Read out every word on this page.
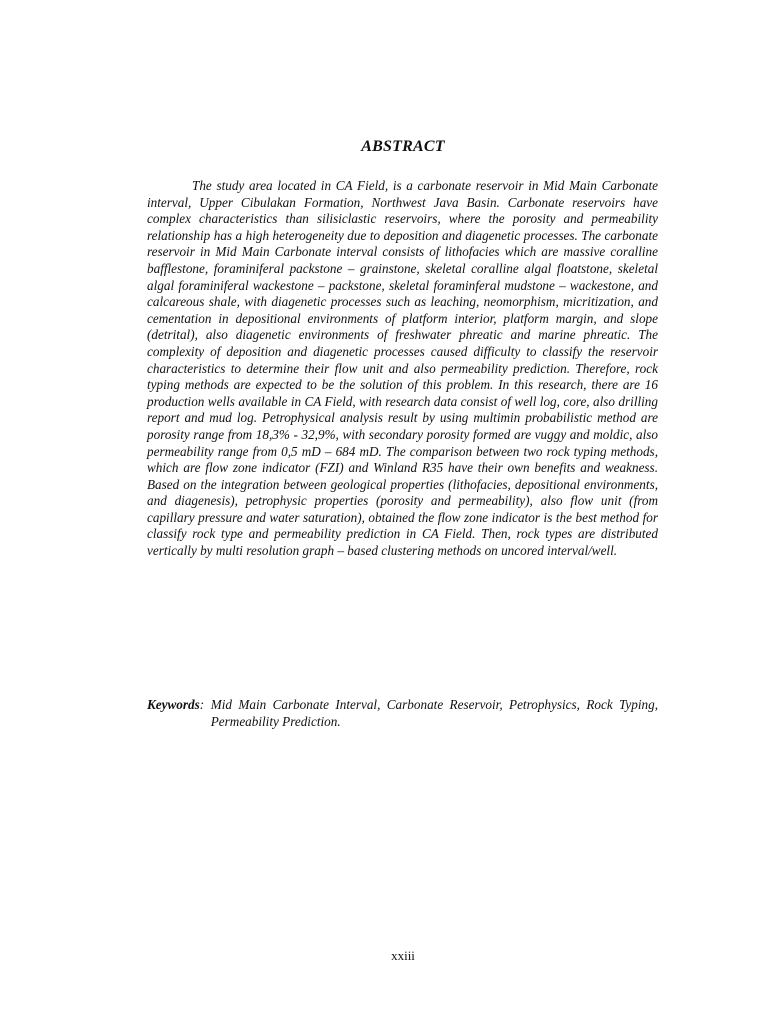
ABSTRACT

The study area located in CA Field, is a carbonate reservoir in Mid Main Carbonate interval, Upper Cibulakan Formation, Northwest Java Basin. Carbonate reservoirs have complex characteristics than silisiclastic reservoirs, where the porosity and permeability relationship has a high heterogeneity due to deposition and diagenetic processes. The carbonate reservoir in Mid Main Carbonate interval consists of lithofacies which are massive coralline bafflestone, foraminiferal packstone – grainstone, skeletal coralline algal floatstone, skeletal algal foraminiferal wackestone – packstone, skeletal foraminferal mudstone – wackestone, and calcareous shale, with diagenetic processes such as leaching, neomorphism, micritization, and cementation in depositional environments of platform interior, platform margin, and slope (detrital), also diagenetic environments of freshwater phreatic and marine phreatic. The complexity of deposition and diagenetic processes caused difficulty to classify the reservoir characteristics to determine their flow unit and also permeability prediction. Therefore, rock typing methods are expected to be the solution of this problem. In this research, there are 16 production wells available in CA Field, with research data consist of well log, core, also drilling report and mud log. Petrophysical analysis result by using multimin probabilistic method are porosity range from 18,3% - 32,9%, with secondary porosity formed are vuggy and moldic, also permeability range from 0,5 mD – 684 mD. The comparison between two rock typing methods, which are flow zone indicator (FZI) and Winland R35 have their own benefits and weakness. Based on the integration between geological properties (lithofacies, depositional environments, and diagenesis), petrophysic properties (porosity and permeability), also flow unit (from capillary pressure and water saturation), obtained the flow zone indicator is the best method for classify rock type and permeability prediction in CA Field. Then, rock types are distributed vertically by multi resolution graph – based clustering methods on uncored interval/well.

Keywords : Mid Main Carbonate Interval, Carbonate Reservoir, Petrophysics, Rock Typing, Permeability Prediction.
xxiii
